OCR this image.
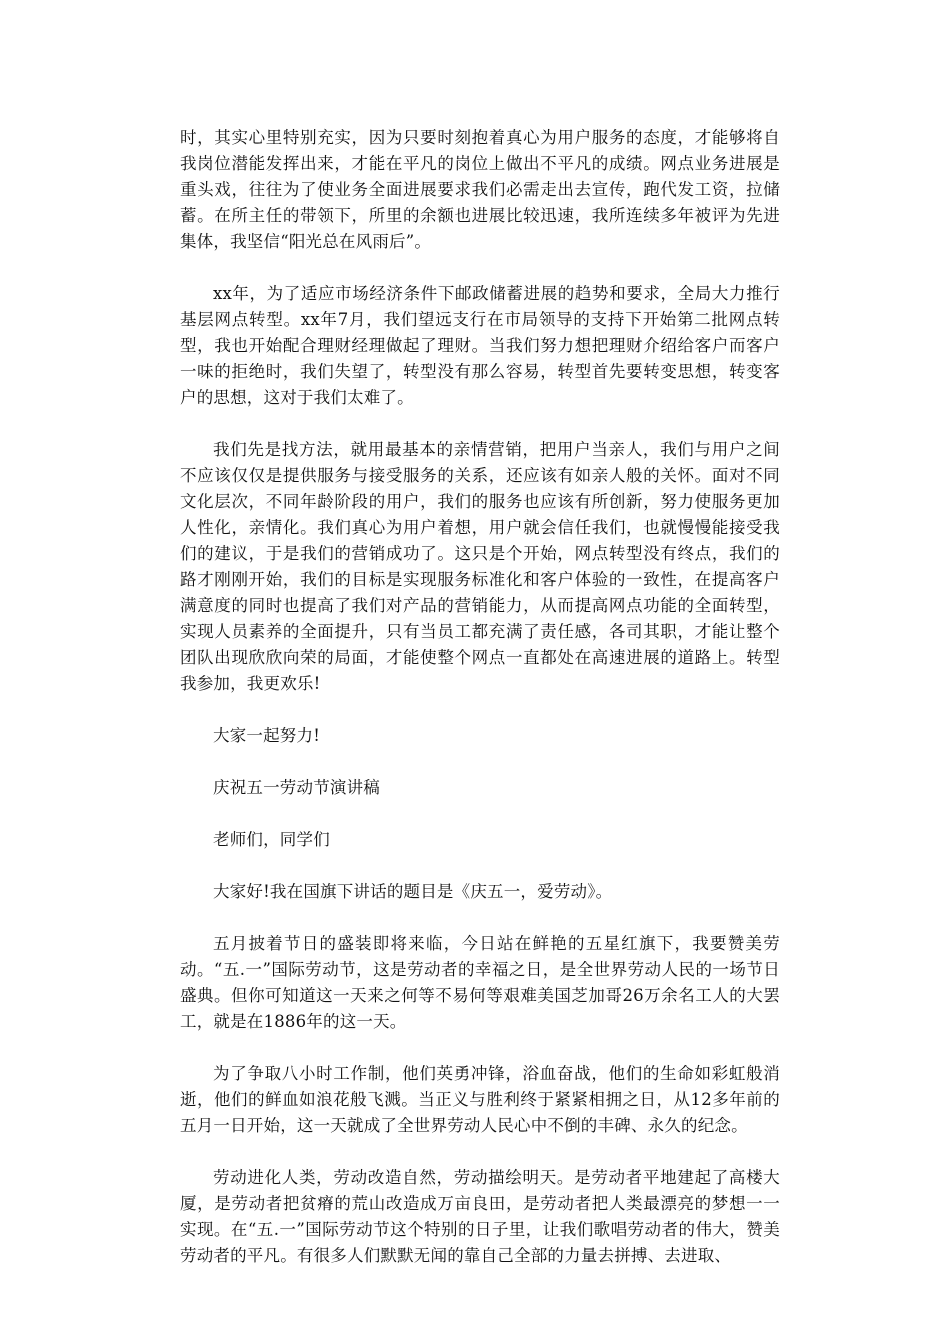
时，其实心里特别充实，因为只要时刻抱着真心为用户服务的态度，才能够将自我岗位潜能发挥出来，才能在平凡的岗位上做出不平凡的成绩。网点业务进展是重头戏，往往为了使业务全面进展要求我们必需走出去宣传，跑代发工资，拉储蓄。在所主任的带领下，所里的余额也进展比较迅速，我所连续多年被评为先进集体，我坚信“阳光总在风雨后”。

xx年，为了适应市场经济条件下邮政储蓄进展的趋势和要求，全局大力推行基层网点转型。xx年7月，我们望远支行在市局领导的支持下开始第二批网点转型，我也开始配合理财经理做起了理财。当我们努力想把理财介绍给客户而客户一味的拒绝时，我们失望了，转型没有那么容易，转型首先要转变思想，转变客户的思想，这对于我们太难了。

我们先是找方法，就用最基本的亲情营销，把用户当亲人，我们与用户之间不应该仅仅是提供服务与接受服务的关系，还应该有如亲人般的关怀。面对不同文化层次，不同年龄阶段的用户，我们的服务也应该有所创新，努力使服务更加人性化，亲情化。我们真心为用户着想，用户就会信任我们，也就慢慢能接受我们的建议，于是我们的营销成功了。这只是个开始，网点转型没有终点，我们的路才刚刚开始，我们的目标是实现服务标准化和客户体验的一致性，在提高客户满意度的同时也提高了我们对产品的营销能力，从而提高网点功能的全面转型，实现人员素养的全面提升，只有当员工都充满了责任感，各司其职，才能让整个团队出现欣欣向荣的局面，才能使整个网点一直都处在高速进展的道路上。转型我参加，我更欢乐!

大家一起努力!

庆祝五一劳动节演讲稿

老师们，同学们

大家好!我在国旗下讲话的题目是《庆五一，爱劳动》。

五月披着节日的盛装即将来临，今日站在鲜艳的五星红旗下，我要赞美劳动。“五.一”国际劳动节，这是劳动者的幸福之日，是全世界劳动人民的一场节日盛典。但你可知道这一天来之何等不易何等艰难美国芝加哥26万余名工人的大罢工，就是在1886年的这一天。

为了争取八小时工作制，他们英勇冲锋，浴血奋战，他们的生命如彩虹般消逝，他们的鲜血如浪花般飞溅。当正义与胜利终于紧紧相拥之日，从12多年前的五月一日开始，这一天就成了全世界劳动人民心中不倒的丰碑、永久的纪念。

劳动进化人类，劳动改造自然，劳动描绘明天。是劳动者平地建起了高楼大厦，是劳动者把贫瘠的荒山改造成万亩良田，是劳动者把人类最漂亮的梦想一一实现。在“五.一”国际劳动节这个特别的日子里，让我们歌唱劳动者的伟大，赞美劳动者的平凡。有很多人们默默无闻的靠自己全部的力量去拼搏、去进取、
